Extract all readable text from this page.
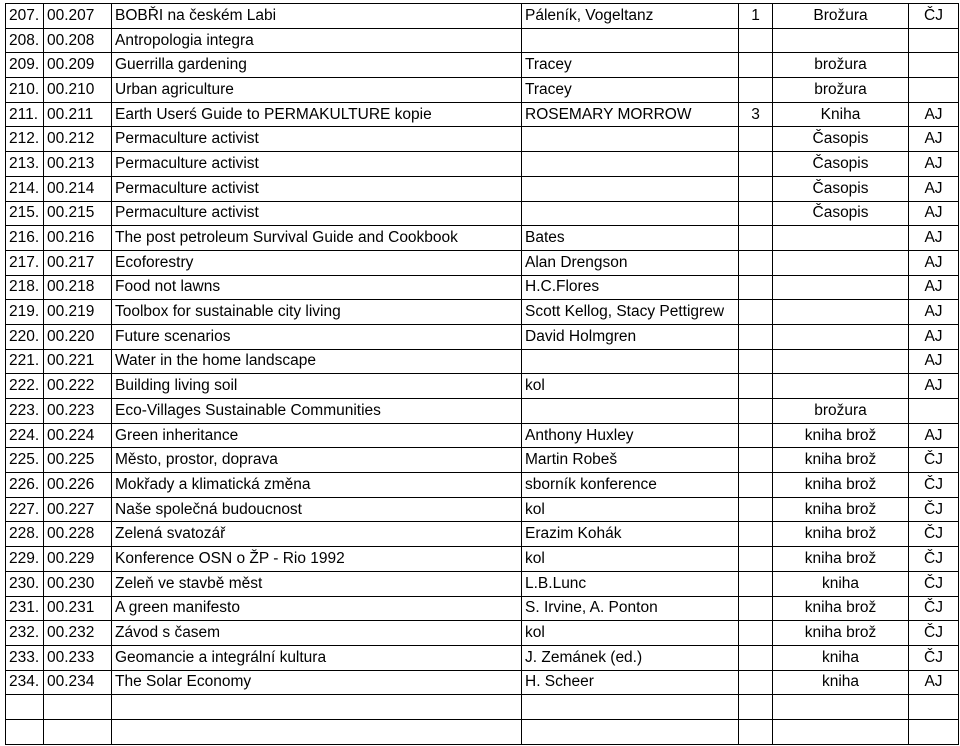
207.	00.207	BOBŘI na českém Labi	Páleník, Vogeltanz	1	Brožura	ČJ
208.	00.208	Antropologia integra				
209.	00.209	Guerrilla gardening	Tracey		brožura	
210.	00.210	Urban agriculture	Tracey		brožura	
211.	00.211	Earth Userś Guide to PERMAKULTURE kopie	ROSEMARY MORROW	3	Kniha	AJ
212.	00.212	Permaculture activist			Časopis	AJ
213.	00.213	Permaculture activist			Časopis	AJ
214.	00.214	Permaculture activist			Časopis	AJ
215.	00.215	Permaculture activist			Časopis	AJ
216.	00.216	The post petroleum Survival Guide and Cookbook	Bates			AJ
217.	00.217	Ecoforestry	Alan Drengson			AJ
218.	00.218	Food not lawns	H.C.Flores			AJ
219.	00.219	Toolbox for sustainable city living	Scott Kellog, Stacy Pettigrew			AJ
220.	00.220	Future scenarios	David Holmgren			AJ
221.	00.221	Water in the home landscape				AJ
222.	00.222	Building living soil	kol			AJ
223.	00.223	Eco-Villages Sustainable Communities			brožura	
224.	00.224	Green inheritance	Anthony Huxley		kniha brož	AJ
225.	00.225	Město, prostor, doprava	Martin Robeš		kniha brož	ČJ
226.	00.226	Mokřady a klimatická změna	sborník konference		kniha brož	ČJ
227.	00.227	Naše společná budoucnost	kol		kniha brož	ČJ
228.	00.228	Zelená svatozář	Erazim Kohák		kniha brož	ČJ
229.	00.229	Konference OSN o ŽP - Rio 1992	kol		kniha brož	ČJ
230.	00.230	Zeleň ve stavbě měst	L.B.Lunc		kniha	ČJ
231.	00.231	A green manifesto	S. Irvine, A. Ponton		kniha brož	ČJ
232.	00.232	Závod s časem	kol		kniha brož	ČJ
233.	00.233	Geomancie a integrální kultura	J. Zemánek (ed.)		kniha	ČJ
234.	00.234	The Solar Economy	H. Scheer		kniha	AJ
